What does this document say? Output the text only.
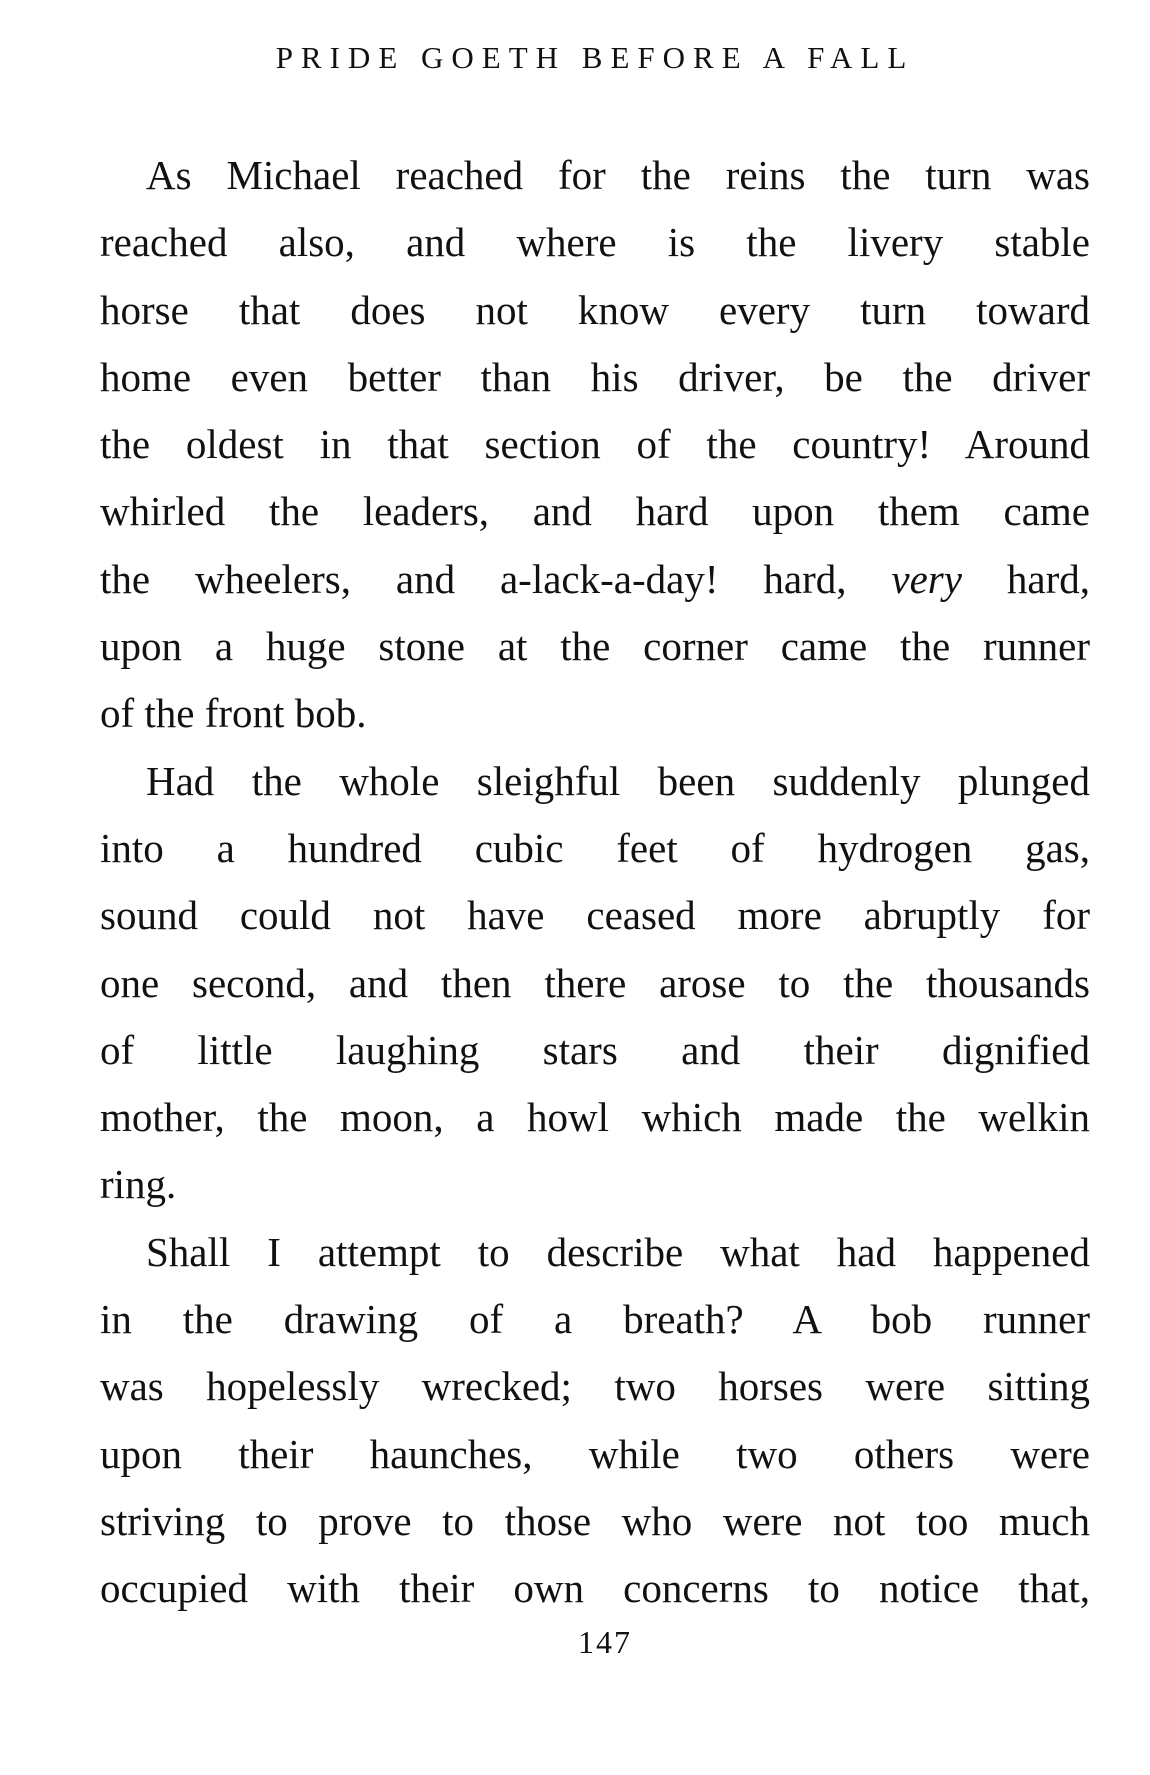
PRIDE GOETH BEFORE A FALL
As Michael reached for the reins the turn was
reached also, and where is the livery stable
horse that does not know every turn toward
home even better than his driver, be the driver
the oldest in that section of the country! Around
whirled the leaders, and hard upon them came
the wheelers, and a-lack-a-day! hard, very hard,
upon a huge stone at the corner came the runner
of the front bob.
Had the whole sleighful been suddenly plunged
into a hundred cubic feet of hydrogen gas,
sound could not have ceased more abruptly for
one second, and then there arose to the thousands
of little laughing stars and their dignified
mother, the moon, a howl which made the welkin
ring.
Shall I attempt to describe what had happened
in the drawing of a breath? A bob runner
was hopelessly wrecked; two horses were sitting
upon their haunches, while two others were
striving to prove to those who were not too much
occupied with their own concerns to notice that,
147
